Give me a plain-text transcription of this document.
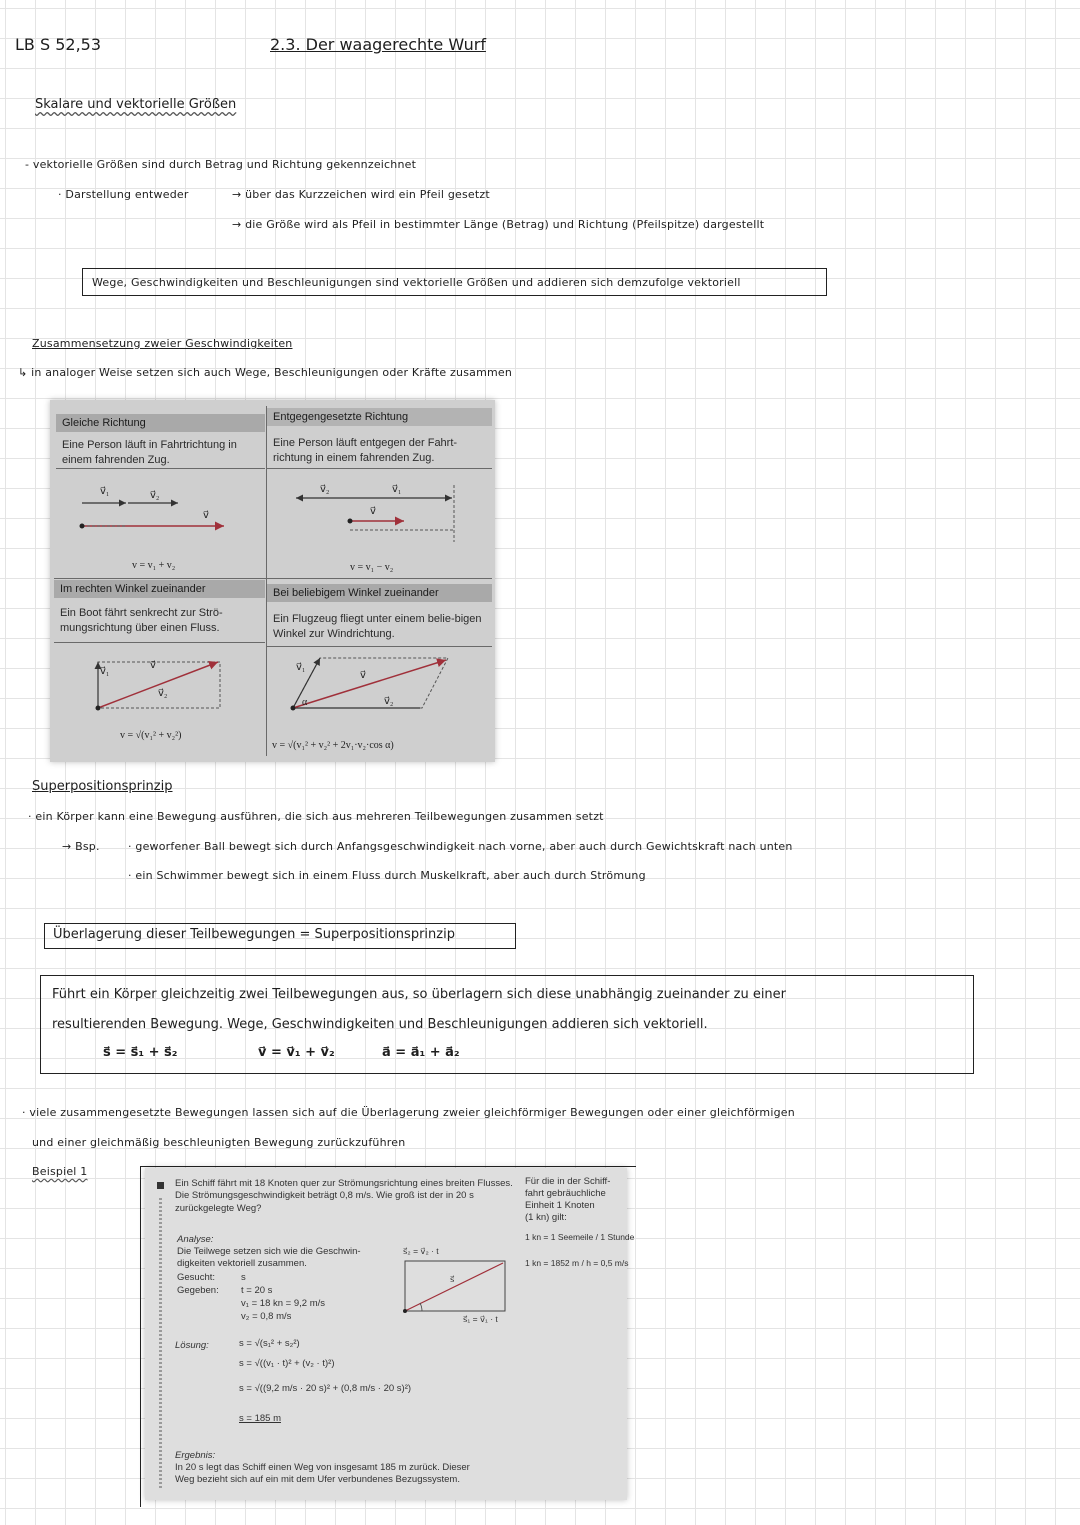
LB S 52,53	2.3. Der waagerechte Wurf
Skalare und vektorielle Größen
- vektorielle Größen sind durch Betrag und Richtung gekennzeichnet
· Darstellung entweder	→ über das Kurzzeichen wird ein Pfeil gesetzt
→ die Größe wird als Pfeil in bestimmter Länge (Betrag) und Richtung (Pfeilspitze) dargestellt
Wege, Geschwindigkeiten und Beschleunigungen sind vektorielle Größen und addieren sich demzufolge vektoriell
Zusammensetzung zweier Geschwindigkeiten
↳ in analoger Weise setzen sich auch Wege, Beschleunigungen oder Kräfte zusammen
Gleiche Richtung
Eine Person läuft in Fahrtrichtung in einem fahrenden Zug.
Entgegengesetzte Richtung
Eine Person läuft entgegen der Fahrt-richtung in einem fahrenden Zug.
Im rechten Winkel zueinander
Ein Boot fährt senkrecht zur Strö-mungsrichtung über einen Fluss.
Bei beliebigem Winkel zueinander
Ein Flugzeug fliegt unter einem belie-bigen Winkel zur Windrichtung.
v⃗₁	v⃗₂
v⃗
v = v₁ + v₂
v⃗₂	v⃗₁
v⃗
v = v₁ − v₂
v⃗₁
v⃗
v⃗₂
v = √(v₁² + v₂²)
v⃗₁
v⃗
v⃗₂
α
v = √(v₁² + v₂² + 2v₁·v₂·cos α)
Superpositionsprinzip
· ein Körper kann eine Bewegung ausführen, die sich aus mehreren Teilbewegungen zusammen setzt
→ Bsp.	· geworfener Ball bewegt sich durch Anfangsgeschwindigkeit nach vorne, aber auch durch Gewichtskraft nach unten
· ein Schwimmer bewegt sich in einem Fluss durch Muskelkraft, aber auch durch Strömung
Überlagerung dieser Teilbewegungen = Superpositionsprinzip
Führt ein Körper gleichzeitig zwei Teilbewegungen aus, so überlagern sich diese unabhängig zueinander zu einer
resultierenden Bewegung. Wege, Geschwindigkeiten und Beschleunigungen addieren sich vektoriell.
s⃗ = s⃗₁ + s⃗₂	v⃗ = v⃗₁ + v⃗₂	a⃗ = a⃗₁ + a⃗₂
· viele zusammengesetzte Bewegungen lassen sich auf die Überlagerung zweier gleichförmiger Bewegungen oder einer gleichförmigen
und einer gleichmäßig beschleunigten Bewegung zurückzuführen
Beispiel 1
Ein Schiff fährt mit 18 Knoten quer zur Strömungsrichtung eines breiten Flusses. Die Strömungsgeschwindigkeit beträgt 0,8 m/s. Wie groß ist der in 20 s zurückgelegte Weg?
Für die in der Schiff-
fahrt gebräuchliche
Einheit 1 Knoten
(1 kn) gilt:
1 kn = 1 Seemeile / 1 Stunde
1 kn = 1852 m / h = 0,5 m/s
Analyse:
Die Teilwege setzen sich wie die Geschwin-digkeiten vektoriell zusammen.
Gesucht:	s
Gegeben: t = 20 s
v₁ = 18 kn = 9,2 m/s
v₂ = 0,8 m/s
s⃗₂ = v⃗₂ · t
s⃗
s⃗₁ = v⃗₁ · t
Lösung:	s = √(s₁² + s₂²)
s = √((v₁ · t)² + (v₂ · t)²)
s = √((9,2 m/s · 20 s)² + (0,8 m/s · 20 s)²)
s = 185 m
Ergebnis:
In 20 s legt das Schiff einen Weg von insgesamt 185 m zurück. Dieser
Weg bezieht sich auf ein mit dem Ufer verbundenes Bezugssystem.
